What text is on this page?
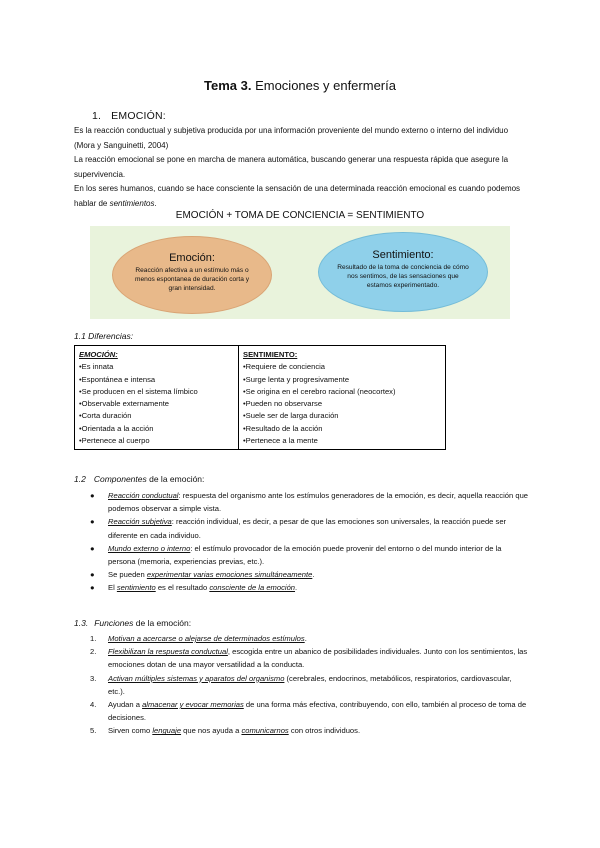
Tema 3. Emociones y enfermería
1. EMOCIÓN:
Es la reacción conductual y subjetiva producida por una información proveniente del mundo externo o interno del individuo (Mora y Sanguinetti, 2004)
La reacción emocional se pone en marcha de manera automática, buscando generar una respuesta rápida que asegure la supervivencia.
En los seres humanos, cuando se hace consciente la sensación de una determinada reacción emocional es cuando podemos hablar de sentimientos.
EMOCIÓN + TOMA DE CONCIENCIA = SENTIMIENTO
Emoción:
Reacción afectiva a un estímulo más o menos espontanea de duración corta y gran intensidad.
Sentimiento:
Resultado de la toma de conciencia de cómo nos sentimos, de las sensaciones que estamos experimentado.
1.1 Diferencias:
EMOCIÓN:
•Es innata
•Espontánea e intensa
•Se producen en el sistema límbico
•Observable externamente
•Corta duración
•Orientada a la acción
•Pertenece al cuerpo

SENTIMIENTO:
•Requiere de conciencia
•Surge lenta y progresivamente
•Se origina en el cerebro racional (neocortex)
•Pueden no observarse
•Suele ser de larga duración
•Resultado de la acción
•Pertenece a la mente
1.2 Componentes de la emoción:
● Reacción conductual: respuesta del organismo ante los estímulos generadores de la emoción, es decir, aquella reacción que podemos observar a simple vista.
● Reacción subjetiva: reacción individual, es decir, a pesar de que las emociones son universales, la reacción puede ser diferente en cada individuo.
● Mundo externo o interno: el estímulo provocador de la emoción puede provenir del entorno o del mundo interior de la persona (memoria, experiencias previas, etc.).
● Se pueden experimentar varias emociones simultáneamente.
● El sentimiento es el resultado consciente de la emoción.
1.3. Funciones de la emoción:
1. Motivan a acercarse o alejarse de determinados estímulos.
2. Flexibilizan la respuesta conductual, escogida entre un abanico de posibilidades individuales. Junto con los sentimientos, las emociones dotan de una mayor versatilidad a la conducta.
3. Activan múltiples sistemas y aparatos del organismo (cerebrales, endocrinos, metabólicos, respiratorios, cardiovascular, etc.).
4. Ayudan a almacenar y evocar memorias de una forma más efectiva, contribuyendo, con ello, también al proceso de toma de decisiones.
5. Sirven como lenguaje que nos ayuda a comunicarnos con otros individuos.
